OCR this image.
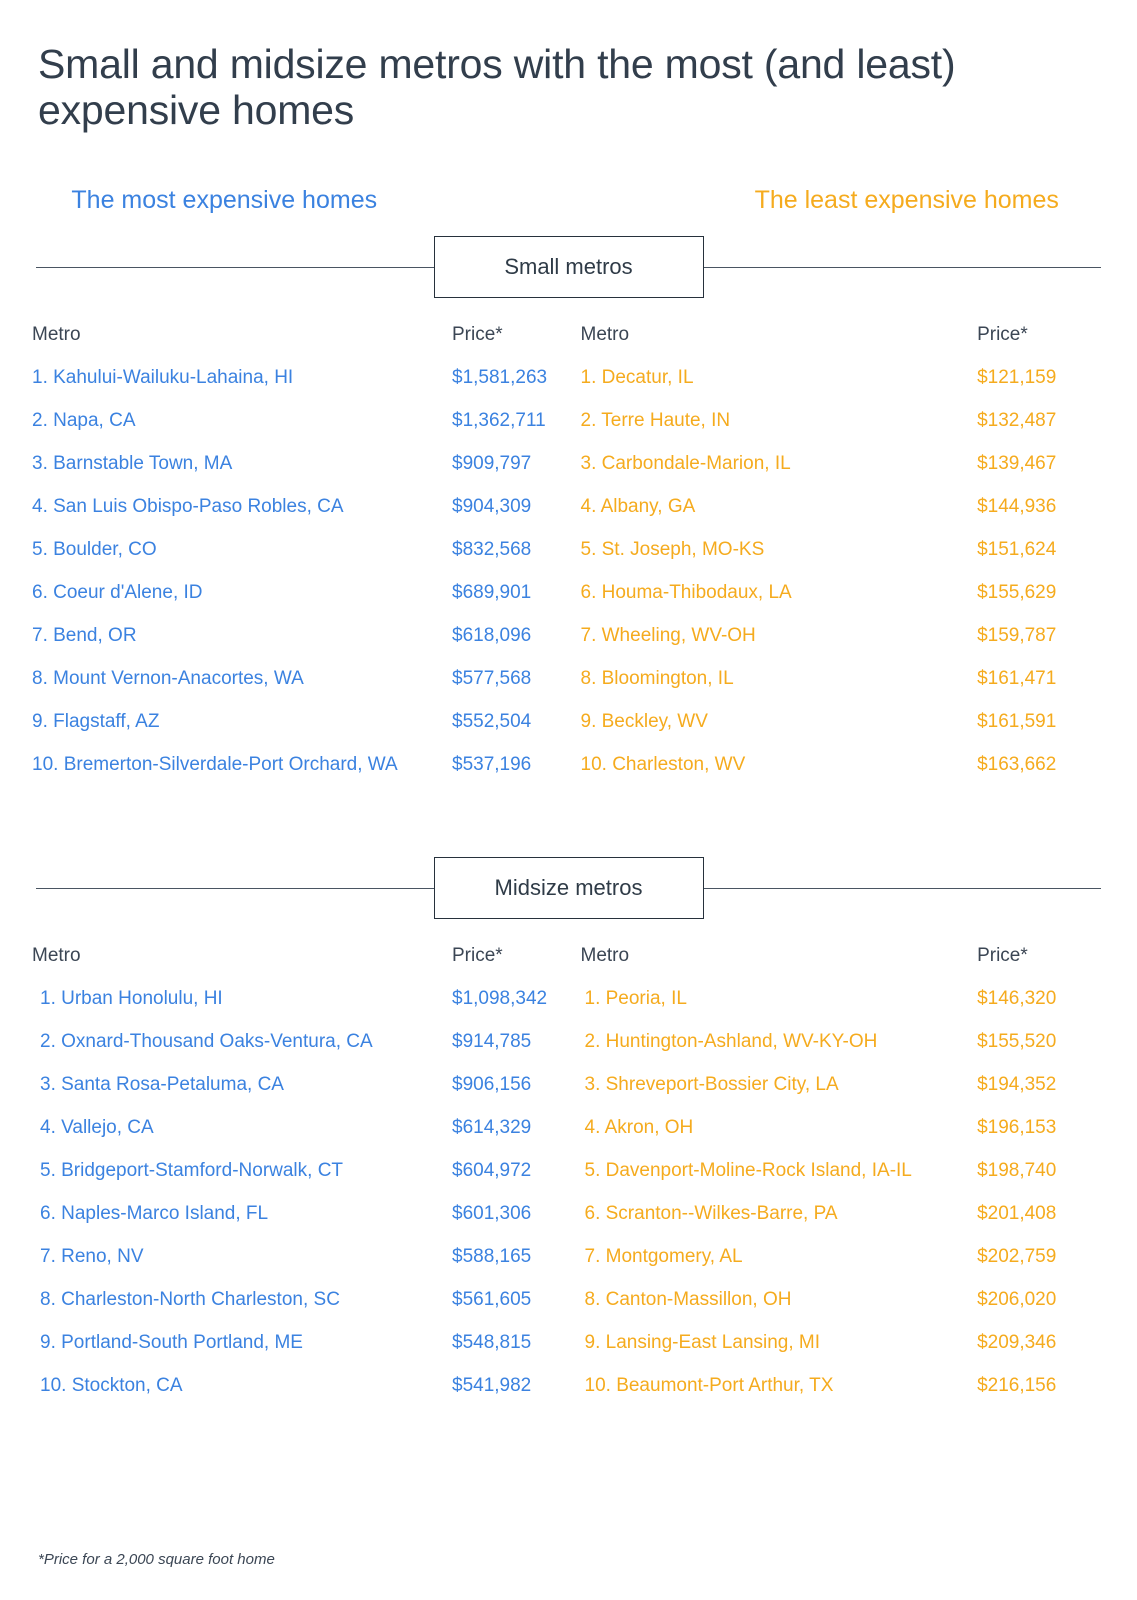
Small and midsize metros with the most (and least) expensive homes
The most expensive homes	The least expensive homes
Small metros
Metro	Price*
1. Kahului-Wailuku-Lahaina, HI	$1,581,263
2. Napa, CA	$1,362,711
3. Barnstable Town, MA	$909,797
4. San Luis Obispo-Paso Robles, CA	$904,309
5. Boulder, CO	$832,568
6. Coeur d'Alene, ID	$689,901
7. Bend, OR	$618,096
8. Mount Vernon-Anacortes, WA	$577,568
9. Flagstaff, AZ	$552,504
10. Bremerton-Silverdale-Port Orchard, WA	$537,196
Metro	Price*
1. Decatur, IL	$121,159
2. Terre Haute, IN	$132,487
3. Carbondale-Marion, IL	$139,467
4. Albany, GA	$144,936
5. St. Joseph, MO-KS	$151,624
6. Houma-Thibodaux, LA	$155,629
7. Wheeling, WV-OH	$159,787
8. Bloomington, IL	$161,471
9. Beckley, WV	$161,591
10. Charleston, WV	$163,662
Midsize metros
Metro	Price*
1. Urban Honolulu, HI	$1,098,342
2. Oxnard-Thousand Oaks-Ventura, CA	$914,785
3. Santa Rosa-Petaluma, CA	$906,156
4. Vallejo, CA	$614,329
5. Bridgeport-Stamford-Norwalk, CT	$604,972
6. Naples-Marco Island, FL	$601,306
7. Reno, NV	$588,165
8. Charleston-North Charleston, SC	$561,605
9. Portland-South Portland, ME	$548,815
10. Stockton, CA	$541,982
Metro	Price*
1. Peoria, IL	$146,320
2. Huntington-Ashland, WV-KY-OH	$155,520
3. Shreveport-Bossier City, LA	$194,352
4. Akron, OH	$196,153
5. Davenport-Moline-Rock Island, IA-IL	$198,740
6. Scranton--Wilkes-Barre, PA	$201,408
7. Montgomery, AL	$202,759
8. Canton-Massillon, OH	$206,020
9. Lansing-East Lansing, MI	$209,346
10. Beaumont-Port Arthur, TX	$216,156
*Price for a 2,000 square foot home
